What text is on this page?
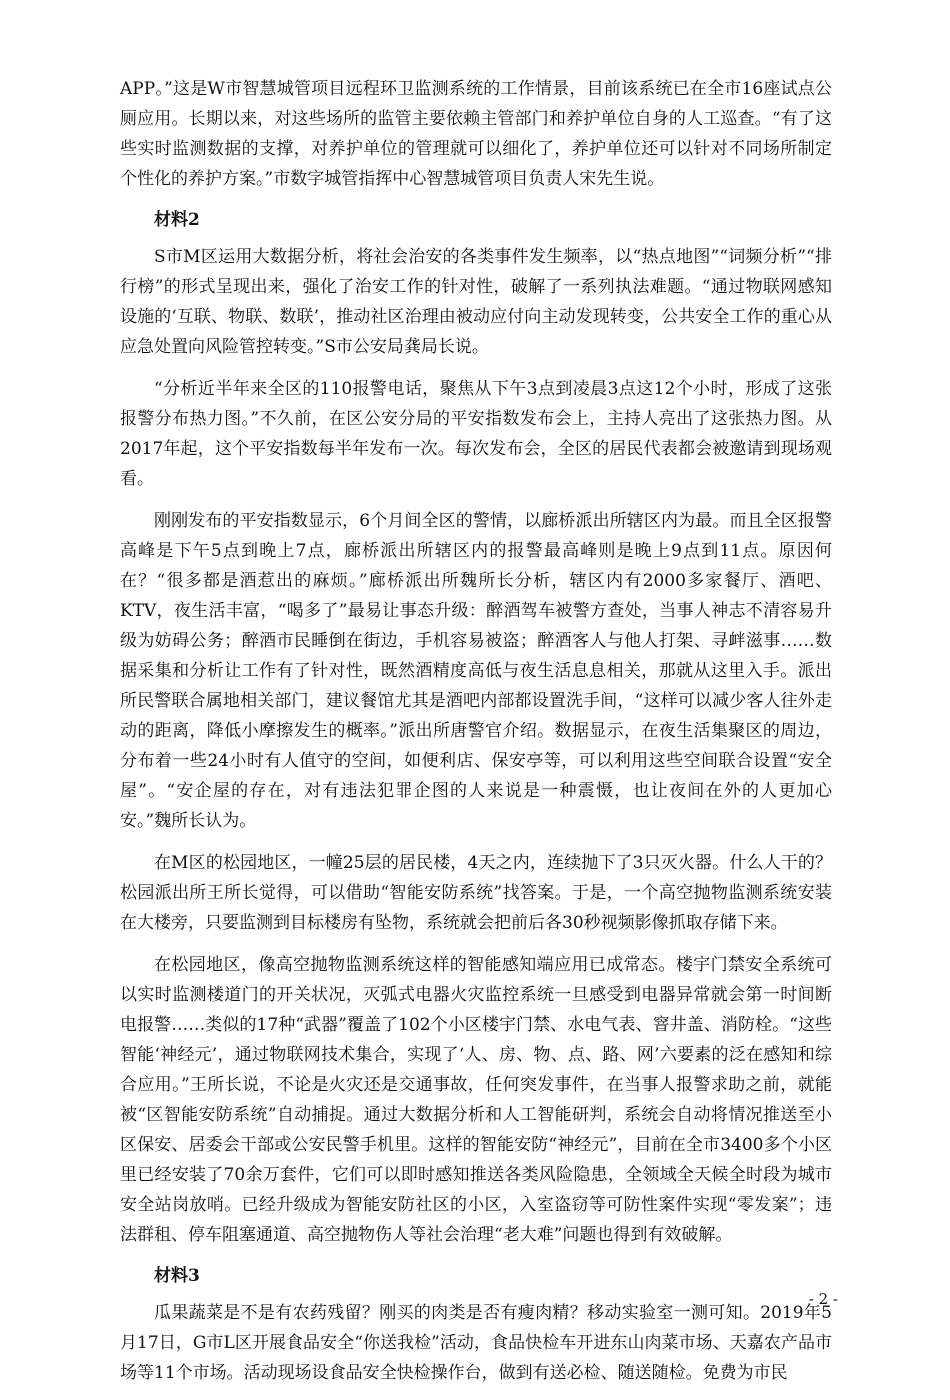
APP。”这是W市智慧城管项目远程环卫监测系统的工作情景，目前该系统已在全市16座试点公厕应用。长期以来，对这些场所的监管主要依赖主管部门和养护单位自身的人工巡查。“有了这些实时监测数据的支撑，对养护单位的管理就可以细化了，养护单位还可以针对不同场所制定个性化的养护方案。”市数字城管指挥中心智慧城管项目负责人宋先生说。

材料2

S市M区运用大数据分析，将社会治安的各类事件发生频率，以“热点地图”“词频分析”“排行榜”的形式呈现出来，强化了治安工作的针对性，破解了一系列执法难题。“通过物联网感知设施的‘互联、物联、数联’，推动社区治理由被动应付向主动发现转变，公共安全工作的重心从应急处置向风险管控转变。”S市公安局龚局长说。

“分析近半年来全区的110报警电话，聚焦从下午3点到凌晨3点这12个小时，形成了这张报警分布热力图。”不久前，在区公安分局的平安指数发布会上，主持人亮出了这张热力图。从2017年起，这个平安指数每半年发布一次。每次发布会，全区的居民代表都会被邀请到现场观看。

刚刚发布的平安指数显示，6个月间全区的警情，以廊桥派出所辖区内为最。而且全区报警高峰是下午5点到晚上7点，廊桥派出所辖区内的报警最高峰则是晚上9点到11点。原因何在？“很多都是酒惹出的麻烦。”廊桥派出所魏所长分析，辖区内有2000多家餐厅、酒吧、KTV，夜生活丰富，“喝多了”最易让事态升级：醉酒驾车被警方查处，当事人神志不清容易升级为妨碍公务；醉酒市民睡倒在街边，手机容易被盗；醉酒客人与他人打架、寻衅滋事……数据采集和分析让工作有了针对性，既然酒精度高低与夜生活息息相关，那就从这里入手。派出所民警联合属地相关部门，建议餐馆尤其是酒吧内部都设置洗手间，“这样可以减少客人往外走动的距离，降低小摩擦发生的概率。”派出所唐警官介绍。数据显示，在夜生活集聚区的周边，分布着一些24小时有人值守的空间，如便利店、保安亭等，可以利用这些空间联合设置“安全屋”。“安企屋的存在，对有违法犯罪企图的人来说是一种震慑，也让夜间在外的人更加心安。”魏所长认为。

在M区的松园地区，一幢25层的居民楼，4天之内，连续抛下了3只灭火器。什么人干的？松园派出所王所长觉得，可以借助“智能安防系统”找答案。于是，一个高空抛物监测系统安装在大楼旁，只要监测到目标楼房有坠物，系统就会把前后各30秒视频影像抓取存储下来。

在松园地区，像高空抛物监测系统这样的智能感知端应用已成常态。楼宇门禁安全系统可以实时监测楼道门的开关状况，灭弧式电器火灾监控系统一旦感受到电器异常就会第一时间断电报警……类似的17种“武器”覆盖了102个小区楼宇门禁、水电气表、窨井盖、消防栓。“这些智能‘神经元’，通过物联网技术集合，实现了‘人、房、物、点、路、网’六要素的泛在感知和综合应用。”王所长说，不论是火灾还是交通事故，任何突发事件，在当事人报警求助之前，就能被“区智能安防系统”自动捕捉。通过大数据分析和人工智能研判，系统会自动将情况推送至小区保安、居委会干部或公安民警手机里。这样的智能安防“神经元”，目前在全市3400多个小区里已经安装了70余万套件，它们可以即时感知推送各类风险隐患，全领域全天候全时段为城市安全站岗放哨。已经升级成为智能安防社区的小区，入室盗窃等可防性案件实现“零发案”；违法群租、停车阻塞通道、高空抛物伤人等社会治理“老大难”问题也得到有效破解。

材料3

瓜果蔬菜是不是有农药残留？刚买的肉类是否有瘦肉精？移动实验室一测可知。2019年5月17日，G市L区开展食品安全“你送我检”活动，食品快检车开进东山肉菜市场、天嘉农产品市场等11个市场。活动现场设食品安全快检操作台，做到有送必检、随送随检。免费为市民

- 2 -
